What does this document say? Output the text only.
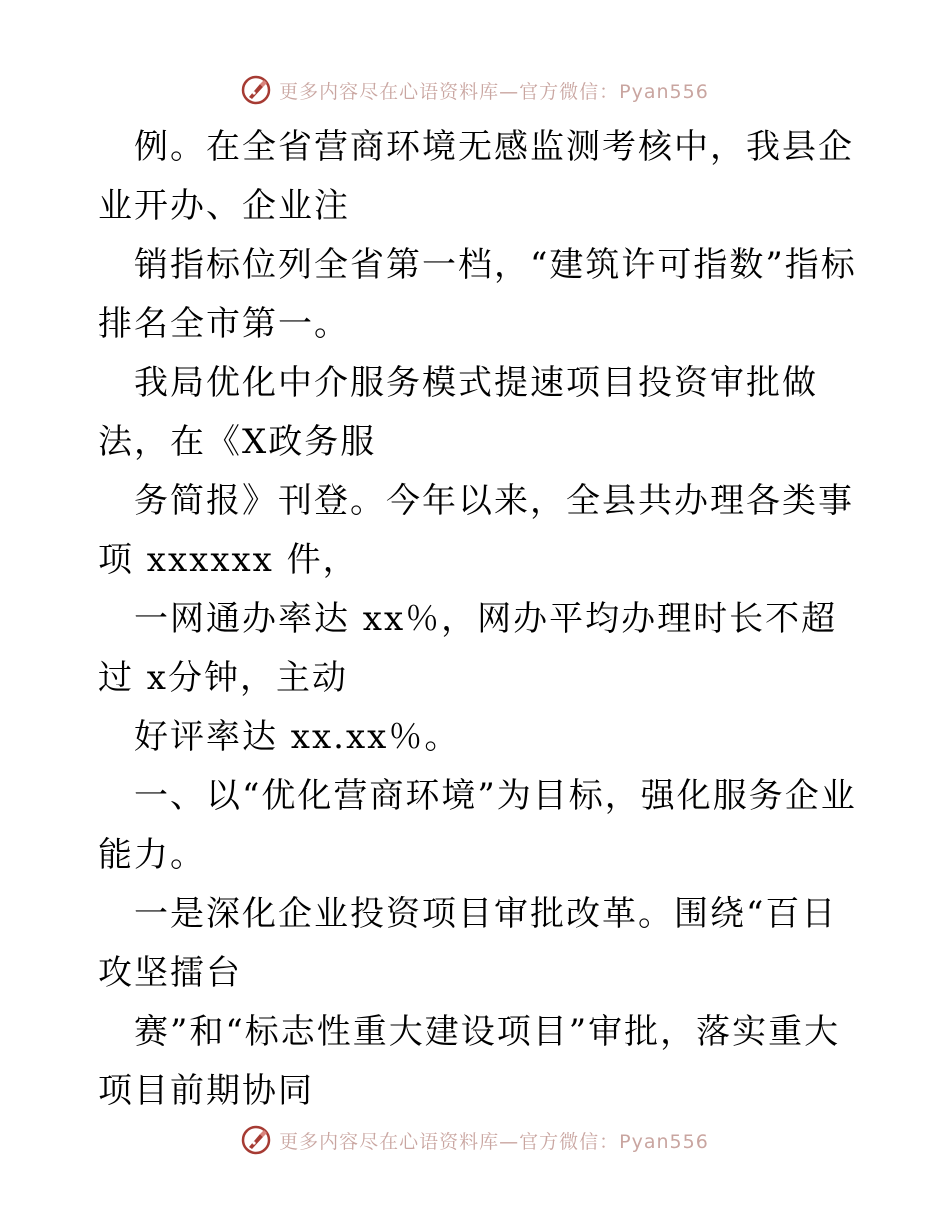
更多内容尽在心语资料库—官方微信：Pyan556

例。在全省营商环境无感监测考核中，我县企业开办、企业注

销指标位列全省第一档，“建筑许可指数”指标排名全市第一。

我局优化中介服务模式提速项目投资审批做法，在《X政务服

务简报》刊登。今年以来，全县共办理各类事项 xxxxxx 件，

一网通办率达 xx％，网办平均办理时长不超过 x分钟，主动

好评率达 xx.xx％。

一、以“优化营商环境”为目标，强化服务企业能力。

一是深化企业投资项目审批改革。围绕“百日攻坚擂台

赛”和“标志性重大建设项目”审批，落实重大项目前期协同

更多内容尽在心语资料库—官方微信：Pyan556
